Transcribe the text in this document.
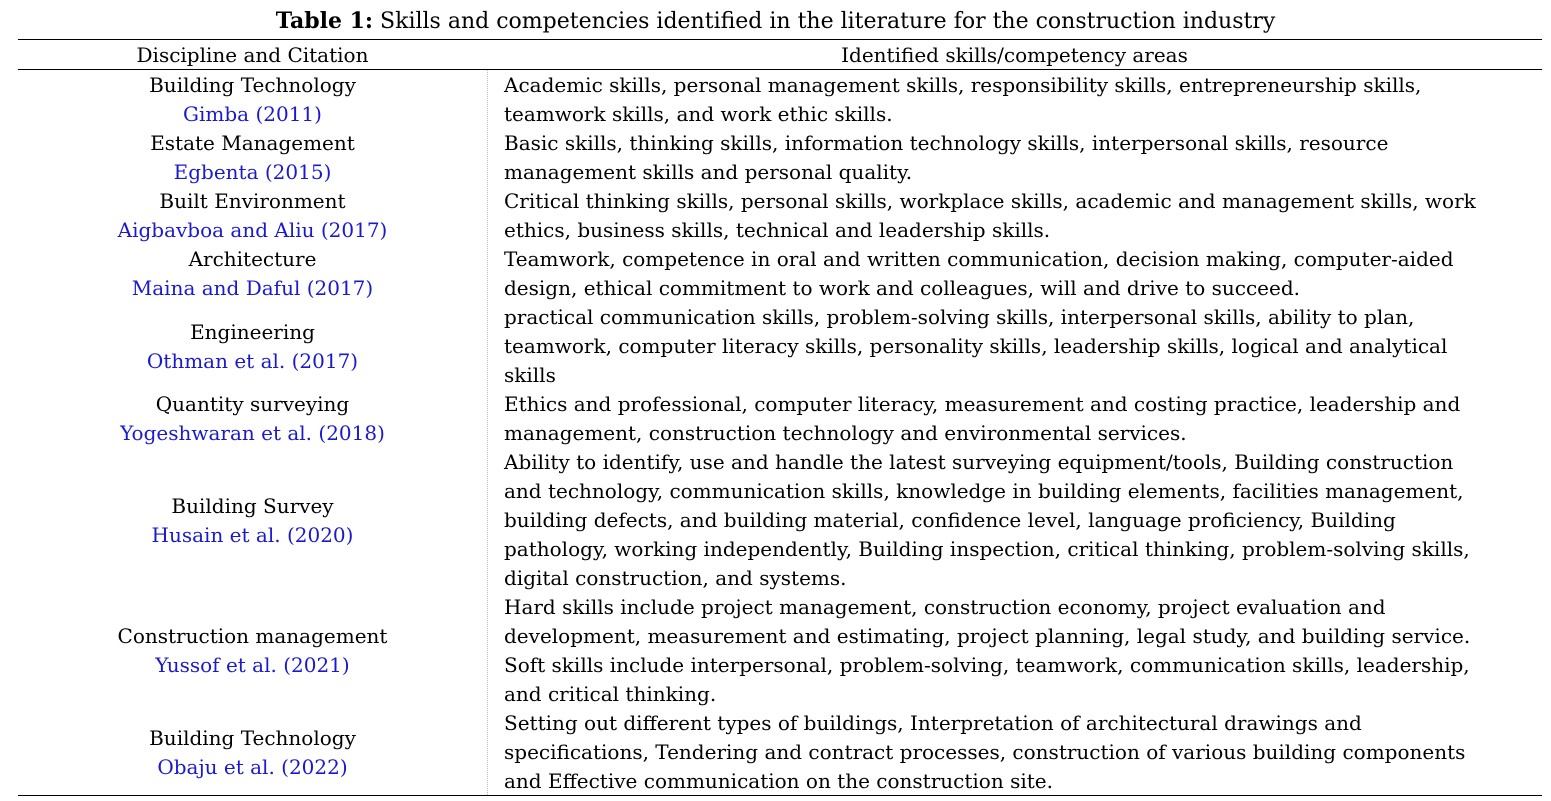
Table 1: Skills and competencies identified in the literature for the construction industry
Discipline and Citation	Identified skills/competency areas
Building Technology
Gimba (2011)
Academic skills, personal management skills, responsibility skills, entrepreneurship skills,
teamwork skills, and work ethic skills.
Estate Management
Egbenta (2015)
Basic skills, thinking skills, information technology skills, interpersonal skills, resource
management skills and personal quality.
Built Environment
Aigbavboa and Aliu (2017)
Critical thinking skills, personal skills, workplace skills, academic and management skills, work
ethics, business skills, technical and leadership skills.
Architecture
Maina and Daful (2017)
Teamwork, competence in oral and written communication, decision making, computer-aided
design, ethical commitment to work and colleagues, will and drive to succeed.
Engineering
Othman et al. (2017)
practical communication skills, problem-solving skills, interpersonal skills, ability to plan,
teamwork, computer literacy skills, personality skills, leadership skills, logical and analytical
skills
Quantity surveying
Yogeshwaran et al. (2018)
Ethics and professional, computer literacy, measurement and costing practice, leadership and
management, construction technology and environmental services.
Building Survey
Husain et al. (2020)
Ability to identify, use and handle the latest surveying equipment/tools, Building construction
and technology, communication skills, knowledge in building elements, facilities management,
building defects, and building material, confidence level, language proficiency, Building
pathology, working independently, Building inspection, critical thinking, problem-solving skills,
digital construction, and systems.
Construction management
Yussof et al. (2021)
Hard skills include project management, construction economy, project evaluation and
development, measurement and estimating, project planning, legal study, and building service.
Soft skills include interpersonal, problem-solving, teamwork, communication skills, leadership,
and critical thinking.
Building Technology
Obaju et al. (2022)
Setting out different types of buildings, Interpretation of architectural drawings and
specifications, Tendering and contract processes, construction of various building components
and Effective communication on the construction site.
